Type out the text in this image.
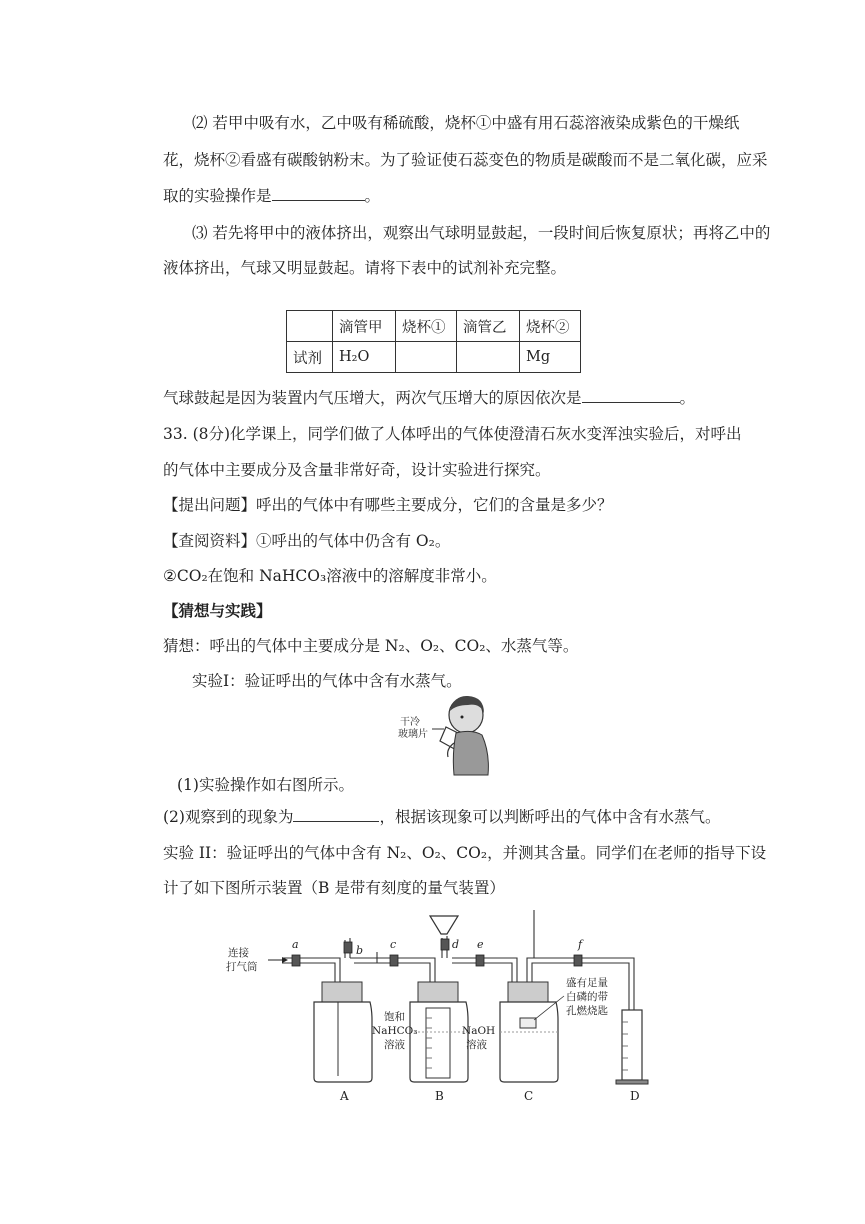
⑵ 若甲中吸有水，乙中吸有稀硫酸，烧杯①中盛有用石蕊溶液染成紫色的干燥纸
花，烧杯②看盛有碳酸钠粉末。为了验证使石蕊变色的物质是碳酸而不是二氧化碳，应采
取的实验操作是	。
⑶ 若先将甲中的液体挤出，观察出气球明显鼓起，一段时间后恢复原状；再将乙中的
液体挤出，气球又明显鼓起。请将下表中的试剂补充完整。
	滴管甲	烧杯①	滴管乙	烧杯②
试剂	H₂O			Mg
气球鼓起是因为装置内气压增大，两次气压增大的原因依次是	。
33. (8分)化学课上，同学们做了人体呼出的气体使澄清石灰水变浑浊实验后，对呼出
的气体中主要成分及含量非常好奇，设计实验进行探究。
【提出问题】呼出的气体中有哪些主要成分，它们的含量是多少？
【查阅资料】①呼出的气体中仍含有 O₂。
②CO₂在饱和 NaHCO₃溶液中的溶解度非常小。
【猜想与实践】
猜想：呼出的气体中主要成分是 N₂、O₂、CO₂、水蒸气等。
实验Ⅰ：验证呼出的气体中含有水蒸气。
干冷
玻璃片
(1)实验操作如右图所示。
(2)观察到的现象为	，根据该现象可以判断呼出的气体中含有水蒸气。
实验 II：验证呼出的气体中含有 N₂、O₂、CO₂，并测其含量。同学们在老师的指导下设
计了如下图所示装置（B 是带有刻度的量气装置）
连接
打气筒
a	b c	d e	f
饱和
NaHCO₃
溶液
NaOH
溶液
盛有足量
白磷的带
孔燃烧匙
A	B	C	D
